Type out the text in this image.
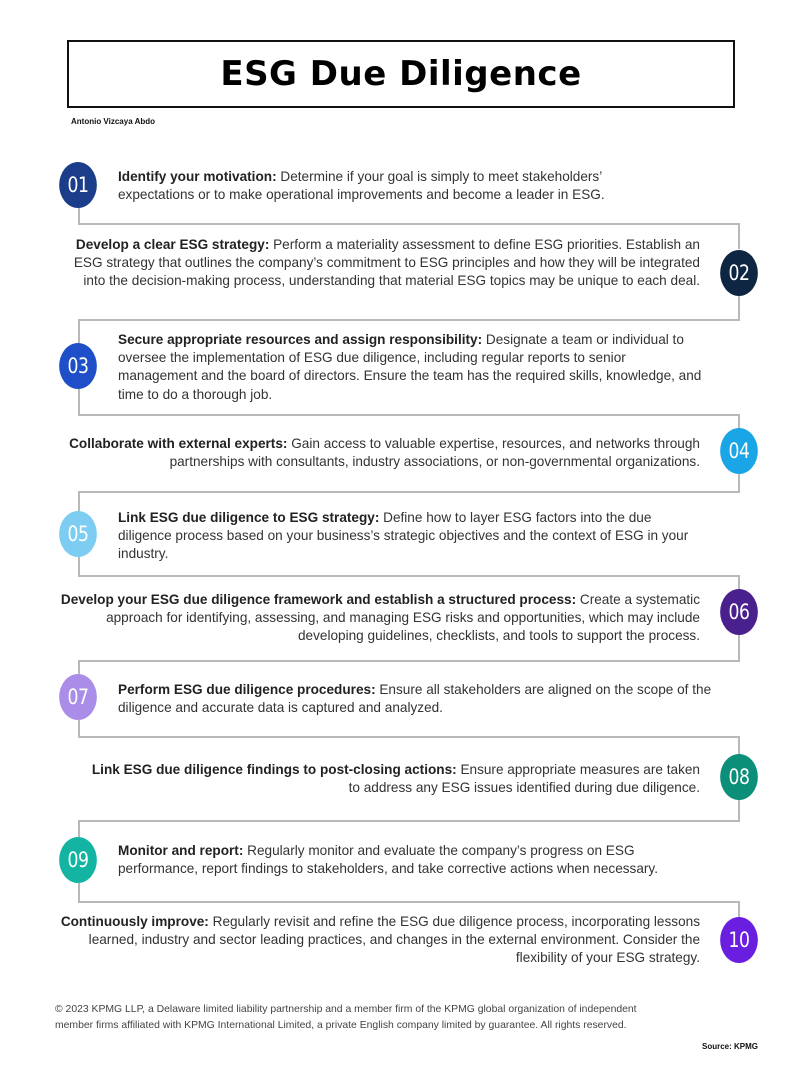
ESG Due Diligence
Antonio Vizcaya Abdo
01
02
03
04
05
06
07
08
09
10
Identify your motivation: Determine if your goal is simply to meet stakeholders’ expectations or to make operational improvements and become a leader in ESG.
Develop a clear ESG strategy: Perform a materiality assessment to define ESG priorities. Establish an ESG strategy that outlines the company’s commitment to ESG principles and how they will be integrated into the decision-making process, understanding that material ESG topics may be unique to each deal.
Secure appropriate resources and assign responsibility: Designate a team or individual to oversee the implementation of ESG due diligence, including regular reports to senior management and the board of directors. Ensure the team has the required skills, knowledge, and time to do a thorough job.
Collaborate with external experts: Gain access to valuable expertise, resources, and networks through partnerships with consultants, industry associations, or non-governmental organizations.
Link ESG due diligence to ESG strategy: Define how to layer ESG factors into the due diligence process based on your business’s strategic objectives and the context of ESG in your industry.
Develop your ESG due diligence framework and establish a structured process: Create a systematic approach for identifying, assessing, and managing ESG risks and opportunities, which may include developing guidelines, checklists, and tools to support the process.
Perform ESG due diligence procedures: Ensure all stakeholders are aligned on the scope of the diligence and accurate data is captured and analyzed.
Link ESG due diligence findings to post-closing actions: Ensure appropriate measures are taken to address any ESG issues identified during due diligence.
Monitor and report: Regularly monitor and evaluate the company’s progress on ESG performance, report findings to stakeholders, and take corrective actions when necessary.
Continuously improve: Regularly revisit and refine the ESG due diligence process, incorporating lessons learned, industry and sector leading practices, and changes in the external environment. Consider the flexibility of your ESG strategy.
© 2023 KPMG LLP, a Delaware limited liability partnership and a member firm of the KPMG global organization of independent member firms affiliated with KPMG International Limited, a private English company limited by guarantee. All rights reserved.
Source: KPMG
